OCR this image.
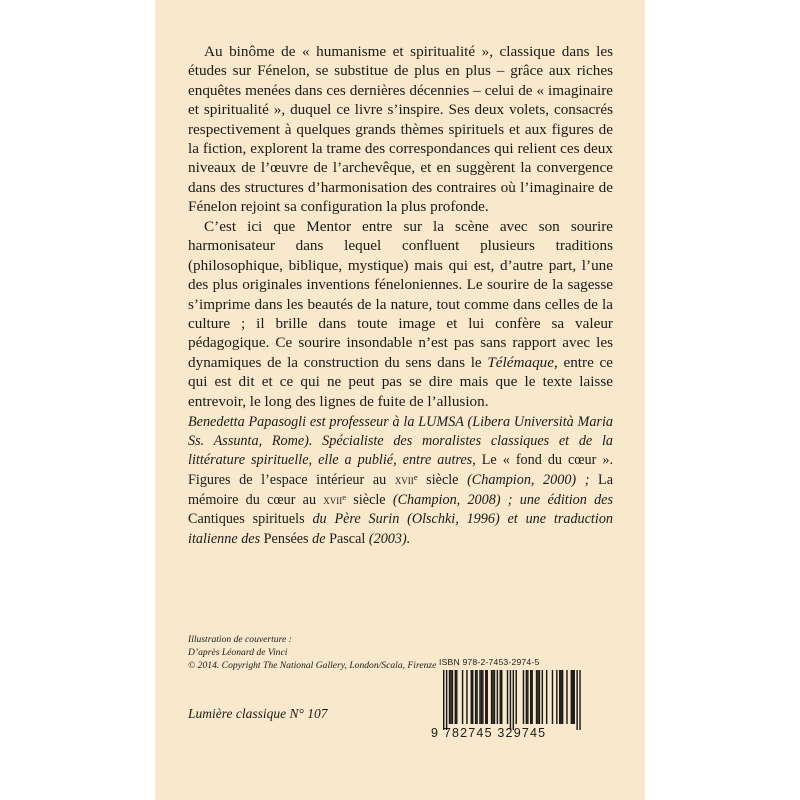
Au binôme de « humanisme et spiritualité », classique dans les études sur Fénelon, se substitue de plus en plus – grâce aux riches enquêtes menées dans ces dernières décennies – celui de « imaginaire et spiritualité », duquel ce livre s’inspire. Ses deux volets, consacrés respectivement à quelques grands thèmes spirituels et aux figures de la fiction, explorent la trame des correspondances qui relient ces deux niveaux de l’œuvre de l’archevêque, et en suggèrent la convergence dans des structures d’harmonisation des contraires où l’imaginaire de Fénelon rejoint sa configuration la plus profonde.

C’est ici que Mentor entre sur la scène avec son sourire harmonisateur dans lequel confluent plusieurs traditions (philosophique, biblique, mystique) mais qui est, d’autre part, l’une des plus originales inventions féneloniennes. Le sourire de la sagesse s’imprime dans les beautés de la nature, tout comme dans celles de la culture ; il brille dans toute image et lui confère sa valeur pédagogique. Ce sourire insondable n’est pas sans rapport avec les dynamiques de la construction du sens dans le Télémaque, entre ce qui est dit et ce qui ne peut pas se dire mais que le texte laisse entrevoir, le long des lignes de fuite de l’allusion.

Benedetta Papasogli est professeur à la LUMSA (Libera Università Maria Ss. Assunta, Rome). Spécialiste des moralistes classiques et de la littérature spirituelle, elle a publié, entre autres, Le « fond du cœur ». Figures de l’espace intérieur au xvii$^e$ siècle (Champion, 2000) ; La mémoire du cœur au xvii$^e$ siècle (Champion, 2008) ; une édition des Cantiques spirituels du Père Surin (Olschki, 1996) et une traduction italienne des Pensées de Pascal (2003).

Illustration de couverture :
D’après Léonard de Vinci
© 2014. Copyright The National Gallery, London/Scala, Firenze
Lumière classique N° 107
ISBN 978-2-7453-2974-5
9 782745 329745
